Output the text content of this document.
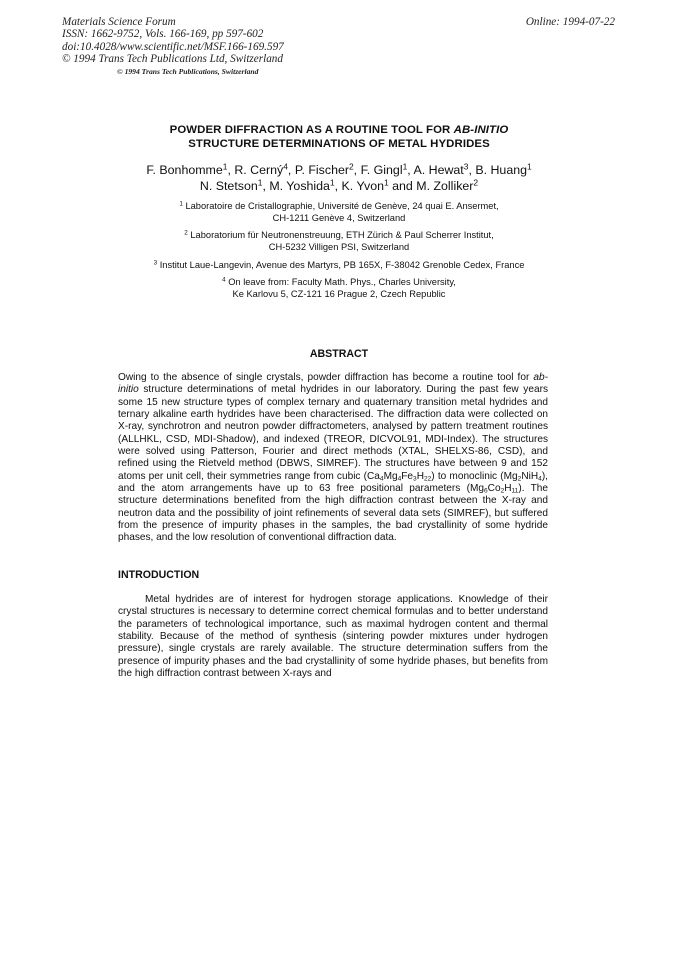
Materials Science Forum
ISSN: 1662-9752, Vols. 166-169, pp 597-602
doi:10.4028/www.scientific.net/MSF.166-169.597
© 1994 Trans Tech Publications Ltd, Switzerland
Online: 1994-07-22
© 1994 Trans Tech Publications, Switzerland
POWDER DIFFRACTION AS A ROUTINE TOOL FOR AB-INITIO
STRUCTURE DETERMINATIONS OF METAL HYDRIDES
F. Bonhomme$^1$, R. Cerný$^4$, P. Fischer$^2$, F. Gingl$^1$, A. Hewat$^3$, B. Huang$^1$
N. Stetson$^1$, M. Yoshida$^1$, K. Yvon$^1$ and M. Zolliker$^2$
$^1$ Laboratoire de Cristallographie, Université de Genève, 24 quai E. Ansermet,
CH-1211 Genève 4, Switzerland
$^2$ Laboratorium für Neutronenstreuung, ETH Zürich & Paul Scherrer Institut,
CH-5232 Villigen PSI, Switzerland
$^3$ Institut Laue-Langevin, Avenue des Martyrs, PB 165X, F-38042 Grenoble Cedex, France
$^4$ On leave from: Faculty Math. Phys., Charles University,
Ke Karlovu 5, CZ-121 16 Prague 2, Czech Republic
ABSTRACT

Owing to the absence of single crystals, powder diffraction has become a routine tool for ab-initio structure determinations of metal hydrides in our laboratory. During the past few years some 15 new structure types of complex ternary and quaternary transition metal hydrides and ternary alkaline earth hydrides have been characterised. The diffraction data were collected on X-ray, synchrotron and neutron powder diffractometers, analysed by pattern treatment routines (ALLHKL, CSD, MDI-Shadow), and indexed (TREOR, DICVOL91, MDI-Index). The structures were solved using Patterson, Fourier and direct methods (XTAL, SHELXS-86, CSD), and refined using the Rietveld method (DBWS, SIMREF). The structures have between 9 and 152 atoms per unit cell, their symmetries range from cubic $(Ca_4Mg_4Fe_3H_{22})$ to monoclinic $(Mg_2NiH_4)$, and the atom arrangements have up to 63 free positional parameters $(Mg_6Co_2H_{11})$. The structure determinations benefited from the high diffraction contrast between the X-ray and neutron data and the possibility of joint refinements of several data sets (SIMREF), but suffered from the presence of impurity phases in the samples, the bad crystallinity of some hydride phases, and the low resolution of conventional diffraction data.

INTRODUCTION

Metal hydrides are of interest for hydrogen storage applications. Knowledge of their crystal structures is necessary to determine correct chemical formulas and to better understand the parameters of technological importance, such as maximal hydrogen content and thermal stability. Because of the method of synthesis (sintering powder mixtures under hydrogen pressure), single crystals are rarely available. The structure determination suffers from the presence of impurity phases and the bad crystallinity of some hydride phases, but benefits from the high diffraction contrast between X-rays and
